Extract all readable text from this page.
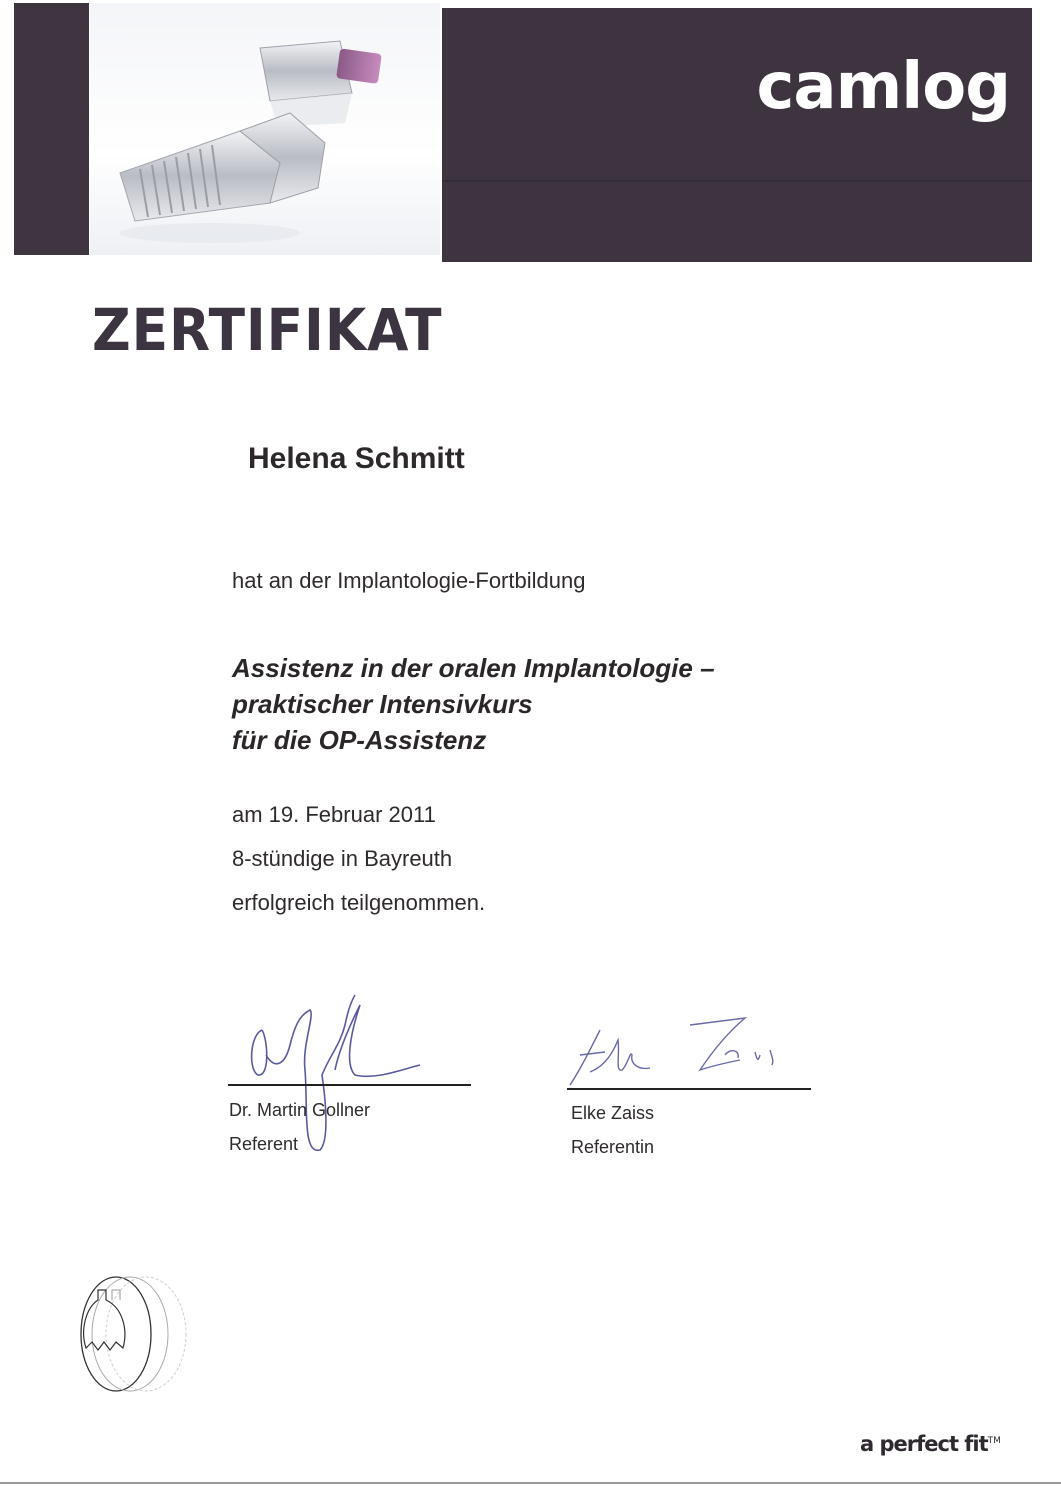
camlog
ZERTIFIKAT
Helena Schmitt
hat an der Implantologie-Fortbildung
Assistenz in der oralen Implantologie –
praktischer Intensivkurs
für die OP-Assistenz
am 19. Februar 2011
8-stündige in Bayreuth
erfolgreich teilgenommen.
Dr. Martin Gollner
Referent
Elke Zaiss
Referentin
a perfect fit™
